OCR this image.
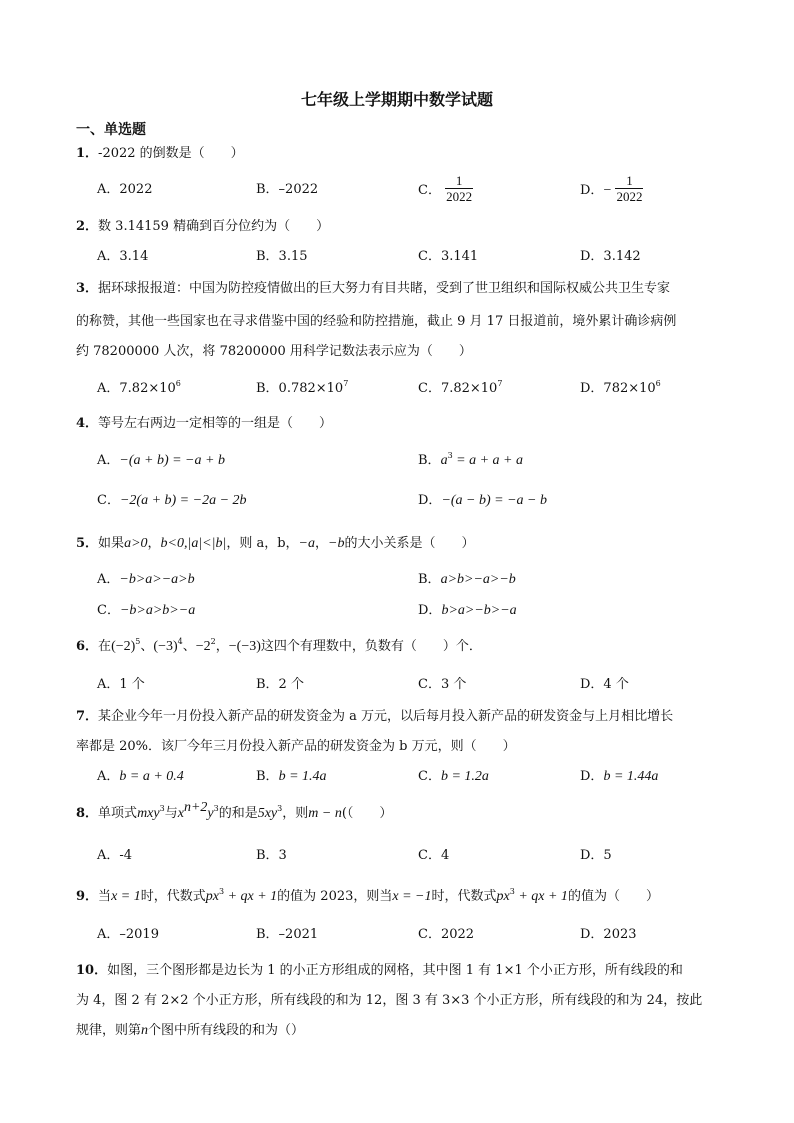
七年级上学期期中数学试题
一、单选题
1．-2022 的倒数是（　　）
A．2022	B．–2022	C． $\frac{1}{2022}$	D．− $\frac{1}{2022}$
2．数 3.14159 精确到百分位约为（　　）
A．3.14	B．3.15	C．3.141	D．3.142
3．据环球报报道：中国为防控疫情做出的巨大努力有目共睹，受到了世卫组织和国际权威公共卫生专家
的称赞，其他一些国家也在寻求借鉴中国的经验和防控措施，截止 9 月 17 日报道前，境外累计确诊病例
约 78200000 人次，将 78200000 用科学记数法表示应为（　　）
A．$7.82\times 10^6$	B．$0.782\times 10^7$	C．$7.82\times 10^7$	D．$782\times 10^6$
4．等号左右两边一定相等的一组是（　　）
A．−(a + b) = −a + b	B．$a^3 = a + a + a$
C．−2(a + b) = −2a − 2b	D．−(a − b) = −a − b
5．如果a>0，b<0,|a|<|b|，则 a，b，−a，−b的大小关系是（　　）
A．−b>a>−a>b	B．a>b>−a>−b
C．−b>a>b>−a	D．b>a>−b>−a
6．在$(-2)^5$、$(-3)^4$、$-2^2$，−(−3)这四个有理数中，负数有（　　）个．
A．1 个	B．2 个	C．3 个	D．4 个
7．某企业今年一月份投入新产品的研发资金为 a 万元，以后每月投入新产品的研发资金与上月相比增长
率都是 20%．该厂今年三月份投入新产品的研发资金为 b 万元，则（　　）
A．b = a + 0.4	B．b = 1.4a	C．b = 1.2a	D．b = 1.44a
8．单项式mxy$^3$与$x^{n+2}y^3$的和是$5xy^3$，则m − n(（　　）
A．-4	B．3	C．4	D．5
9．当x = 1时，代数式$px^3$ + qx + 1的值为 2023，则当x = −1时，代数式$px^3$ + qx + 1的值为（　　）
A．–2019	B．–2021	C．2022	D．2023
10．如图，三个图形都是边长为 1 的小正方形组成的网格，其中图 1 有 1×1 个小正方形，所有线段的和
为 4，图 2 有 2×2 个小正方形，所有线段的和为 12，图 3 有 3×3 个小正方形，所有线段的和为 24，按此
规律，则第n个图中所有线段的和为（）
